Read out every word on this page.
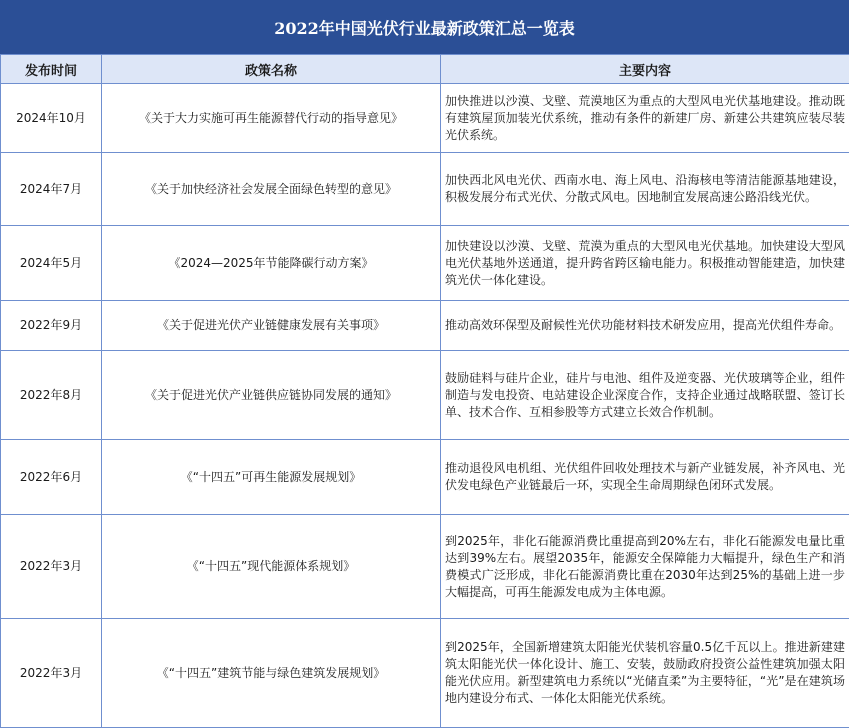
2022年中国光伏行业最新政策汇总一览表
发布时间	政策名称	主要内容
2024年10月	《关于大力实施可再生能源替代行动的指导意见》	加快推进以沙漠、戈壁、荒漠地区为重点的大型风电光伏基地建设。推动既有建筑屋顶加装光伏系统，推动有条件的新建厂房、新建公共建筑应装尽装光伏系统。
2024年7月	《关于加快经济社会发展全面绿色转型的意见》	加快西北风电光伏、西南水电、海上风电、沿海核电等清洁能源基地建设，积极发展分布式光伏、分散式风电。因地制宜发展高速公路沿线光伏。
2024年5月	《2024—2025年节能降碳行动方案》	加快建设以沙漠、戈壁、荒漠为重点的大型风电光伏基地。加快建设大型风电光伏基地外送通道，提升跨省跨区输电能力。积极推动智能建造，加快建筑光伏一体化建设。
2022年9月	《关于促进光伏产业链健康发展有关事项》	推动高效环保型及耐候性光伏功能材料技术研发应用，提高光伏组件寿命。
2022年8月	《关于促进光伏产业链供应链协同发展的通知》	鼓励硅料与硅片企业，硅片与电池、组件及逆变器、光伏玻璃等企业，组件制造与发电投资、电站建设企业深度合作，支持企业通过战略联盟、签订长单、技术合作、互相参股等方式建立长效合作机制。
2022年6月	《“十四五”可再生能源发展规划》	推动退役风电机组、光伏组件回收处理技术与新产业链发展，补齐风电、光伏发电绿色产业链最后一环，实现全生命周期绿色闭环式发展。
2022年3月	《“十四五”现代能源体系规划》	到2025年，非化石能源消费比重提高到20%左右，非化石能源发电量比重达到39%左右。展望2035年，能源安全保障能力大幅提升，绿色生产和消费模式广泛形成，非化石能源消费比重在2030年达到25%的基础上进一步大幅提高，可再生能源发电成为主体电源。
2022年3月	《“十四五”建筑节能与绿色建筑发展规划》	到2025年，全国新增建筑太阳能光伏装机容量0.5亿千瓦以上。推进新建建筑太阳能光伏一体化设计、施工、安装，鼓励政府投资公益性建筑加强太阳能光伏应用。新型建筑电力系统以“光储直柔”为主要特征，“光”是在建筑场地内建设分布式、一体化太阳能光伏系统。
